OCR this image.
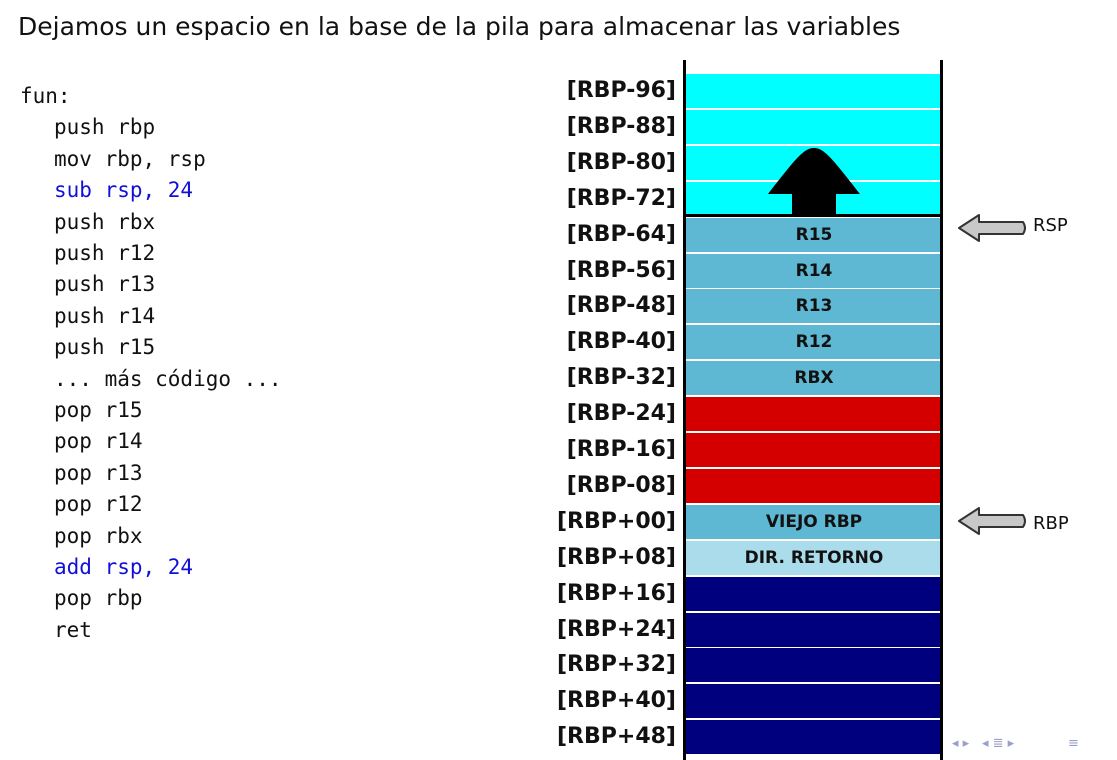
Dejamos un espacio en la base de la pila para almacenar las variables
fun:
push rbp
mov rbp, rsp
sub rsp, 24
push rbx
push r12
push r13
push r14
push r15
... más código ...
pop r15
pop r14
pop r13
pop r12
pop rbx
add rsp, 24
pop rbp
ret
[RBP-96]
[RBP-88]
[RBP-80]
[RBP-72]
[RBP-64]	R15
[RBP-56]	R14
[RBP-48]	R13
[RBP-40]	R12
[RBP-32]	RBX
[RBP-24]
[RBP-16]
[RBP-08]
[RBP+00]	VIEJO RBP
[RBP+08]	DIR. RETORNO
[RBP+16]
[RBP+24]
[RBP+32]
[RBP+40]
[RBP+48]
RSP
RBP
◂ ▸ ◂ ≣ ▸	≡
